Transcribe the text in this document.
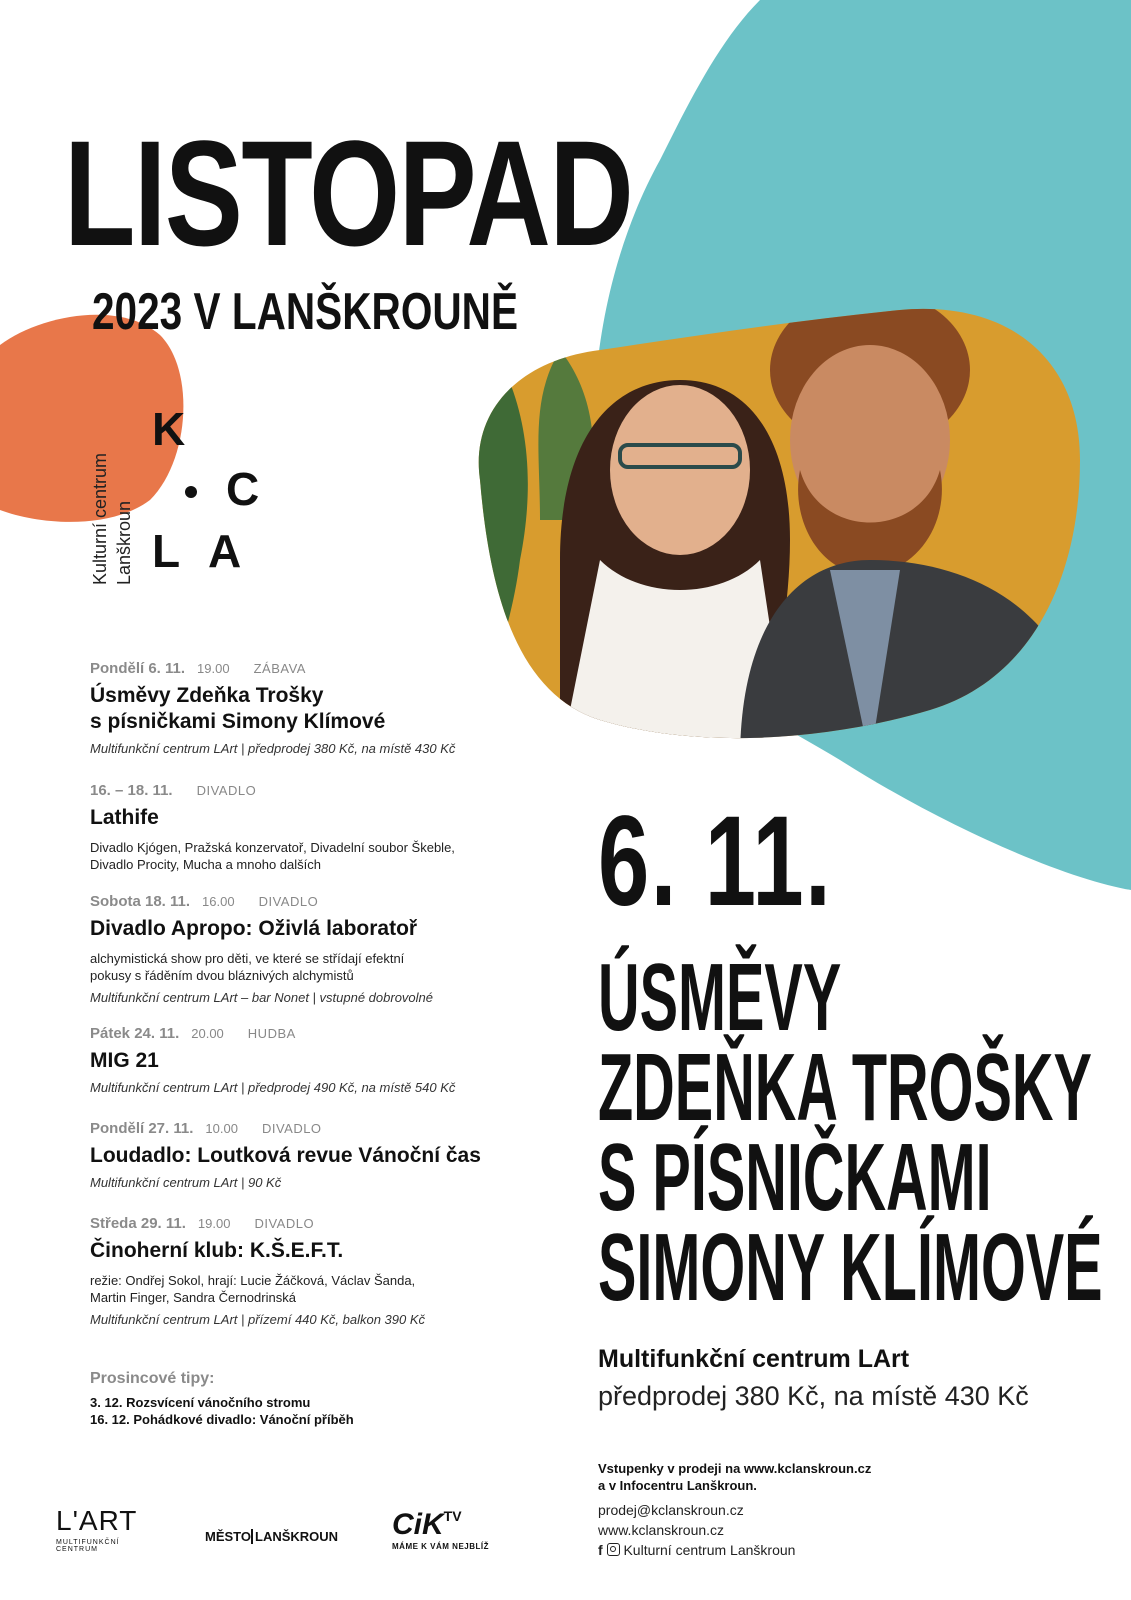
LISTOPAD
2023 V LANŠKROUNĚ
Kulturní centrum Lanškroun
K
C
L A
Pondělí 6. 11. 19.00 ZÁBAVA
Úsměvy Zdeňka Trošky
s písničkami Simony Klímové
Multifunkční centrum LArt | předprodej 380 Kč, na místě 430 Kč
16. – 18. 11. DIVADLO
Lathife
Divadlo Kjógen, Pražská konzervatoř, Divadelní soubor Škeble,
Divadlo Procity, Mucha a mnoho dalších
Sobota 18. 11. 16.00 DIVADLO
Divadlo Apropo: Oživlá laboratoř
alchymistická show pro děti, ve které se střídají efektní
pokusy s řáděním dvou bláznivých alchymistů
Multifunkční centrum LArt – bar Nonet | vstupné dobrovolné
Pátek 24. 11. 20.00 HUDBA
MIG 21
Multifunkční centrum LArt | předprodej 490 Kč, na místě 540 Kč
Pondělí 27. 11. 10.00 DIVADLO
Loudadlo: Loutková revue Vánoční čas
Multifunkční centrum LArt | 90 Kč
Středa 29. 11. 19.00 DIVADLO
Činoherní klub: K.Š.E.F.T.
režie: Ondřej Sokol, hrají: Lucie Žáčková, Václav Šanda,
Martin Finger, Sandra Černodrinská
Multifunkční centrum LArt | přízemí 440 Kč, balkon 390 Kč
Prosincové tipy:
3. 12. Rozsvícení vánočního stromu
16. 12. Pohádkové divadlo: Vánoční příběh
6. 11.
ÚSMĚVY
ZDEŇKA TROŠKY
S PÍSNIČKAMI
SIMONY KLÍMOVÉ
Multifunkční centrum LArt
předprodej 380 Kč, na místě 430 Kč
Vstupenky v prodeji na www.kclanskroun.cz
a v Infocentru Lanškroun.
prodej@kclanskroun.cz
www.kclanskroun.cz
f Kulturní centrum Lanškroun
L'ART
MULTIFUNKČNÍ
CENTRUM
MĚSTO LANŠKROUN CiKTV
MÁME K VÁM NEJBLÍŽ
